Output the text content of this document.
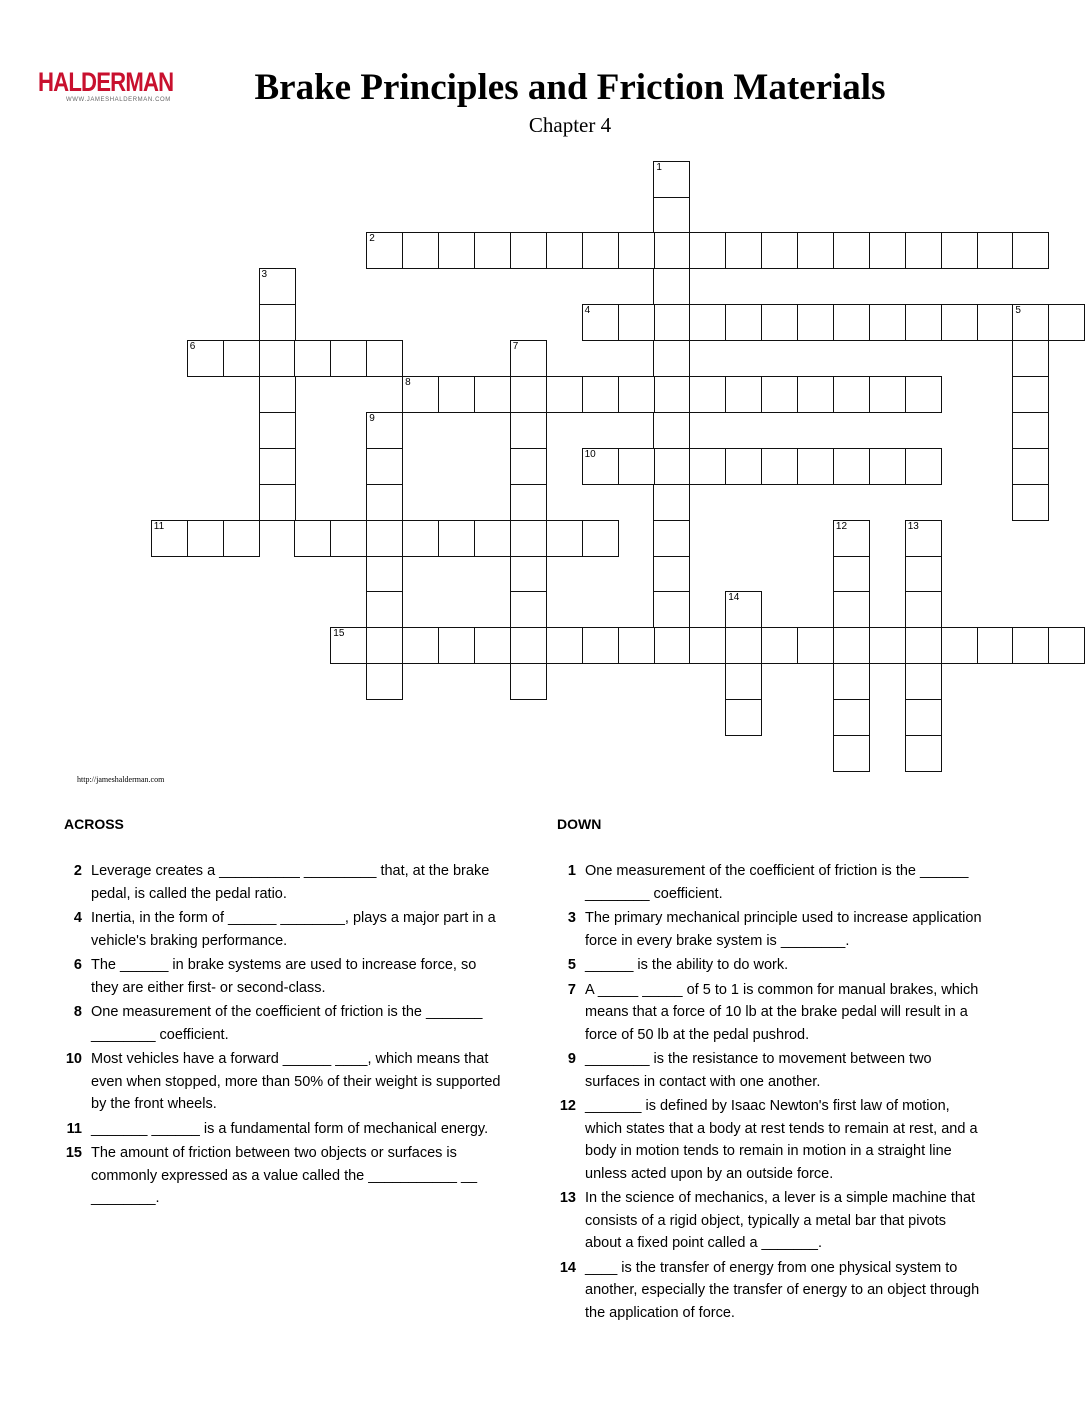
HALDERMAN
WWW.JAMESHALDERMAN.COM	Brake Principles and Friction Materials
Chapter 4
1
2
3
4	5
6	7
8
9
10
11	12	13
14
15
http://jameshalderman.com
ACROSS	DOWN
2 Leverage creates a __________ _________ that, at the brake pedal, is called the pedal ratio.
4 Inertia, in the form of ______ ________, plays a major part in a vehicle's braking performance.
6 The ______ in brake systems are used to increase force, so they are either first- or second-class.
8 One measurement of the coefficient of friction is the _______ ________ coefficient.
10 Most vehicles have a forward ______ ____, which means that even when stopped, more than 50% of their weight is supported by the front wheels.
11 _______ ______ is a fundamental form of mechanical energy.
15 The amount of friction between two objects or surfaces is commonly expressed as a value called the ___________ __ ________.
1 One measurement of the coefficient of friction is the ______ ________ coefficient.
3 The primary mechanical principle used to increase application force in every brake system is ________.
5 ______ is the ability to do work.
7 A _____ _____ of 5 to 1 is common for manual brakes, which means that a force of 10 lb at the brake pedal will result in a force of 50 lb at the pedal pushrod.
9 ________ is the resistance to movement between two surfaces in contact with one another.
12 _______ is defined by Isaac Newton's first law of motion, which states that a body at rest tends to remain at rest, and a body in motion tends to remain in motion in a straight line unless acted upon by an outside force.
13 In the science of mechanics, a lever is a simple machine that consists of a rigid object, typically a metal bar that pivots about a fixed point called a _______.
14 ____ is the transfer of energy from one physical system to another, especially the transfer of energy to an object through the application of force.
